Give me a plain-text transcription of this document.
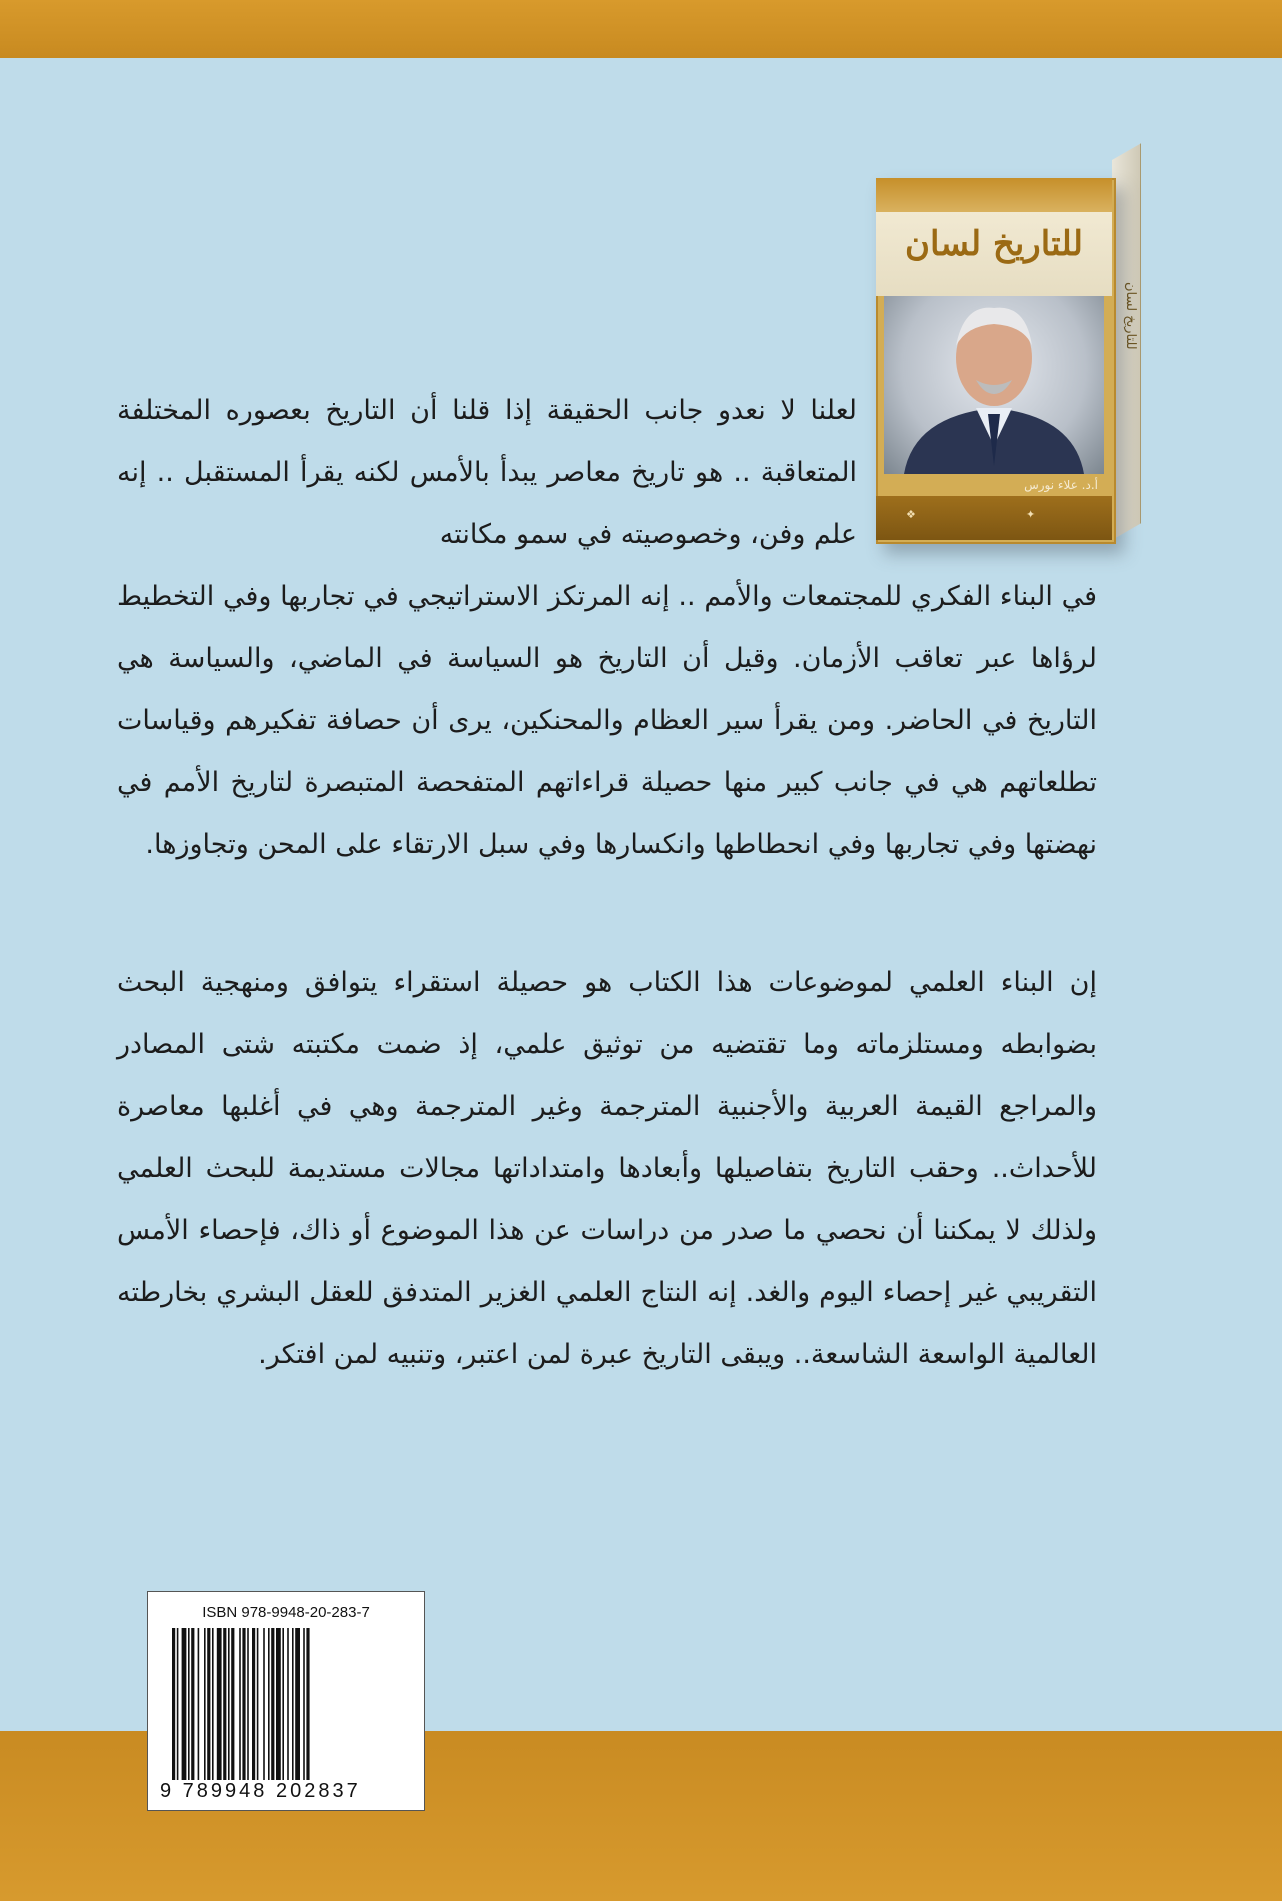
للتاريخ لسان
للتاريخ لسان
أ.د. علاء نورس
✦
❖

لعلنا لا نعدو جانب الحقيقة إذا قلنا أن التاريخ بعصوره المختلفة المتعاقبة .. هو تاريخ معاصر يبدأ بالأمس لكنه يقرأ المستقبل .. إنه علم وفن، وخصوصيته في سمو مكانته

في البناء الفكري للمجتمعات والأمم .. إنه المرتكز الاستراتيجي في تجاربها وفي التخطيط لرؤاها عبر تعاقب الأزمان. وقيل أن التاريخ هو السياسة في الماضي، والسياسة هي التاريخ في الحاضر. ومن يقرأ سير العظام والمحنكين، يرى أن حصافة تفكيرهم وقياسات تطلعاتهم هي في جانب كبير منها حصيلة قراءاتهم المتفحصة المتبصرة لتاريخ الأمم في نهضتها وفي تجاربها وفي انحطاطها وانكسارها وفي سبل الارتقاء على المحن وتجاوزها.

إن البناء العلمي لموضوعات هذا الكتاب هو حصيلة استقراء يتوافق ومنهجية البحث بضوابطه ومستلزماته وما تقتضيه من توثيق علمي، إذ ضمت مكتبته شتى المصادر والمراجع القيمة العربية والأجنبية المترجمة وغير المترجمة وهي في أغلبها معاصرة للأحداث.. وحقب التاريخ بتفاصيلها وأبعادها وامتداداتها مجالات مستديمة للبحث العلمي ولذلك لا يمكننا أن نحصي ما صدر من دراسات عن هذا الموضوع أو ذاك، فإحصاء الأمس التقريبي غير إحصاء اليوم والغد. إنه النتاج العلمي الغزير المتدفق للعقل البشري بخارطته العالمية الواسعة الشاسعة.. ويبقى التاريخ عبرة لمن اعتبر، وتنبيه لمن افتكر.

ISBN 978-9948-20-283-7
9 789948 202837
